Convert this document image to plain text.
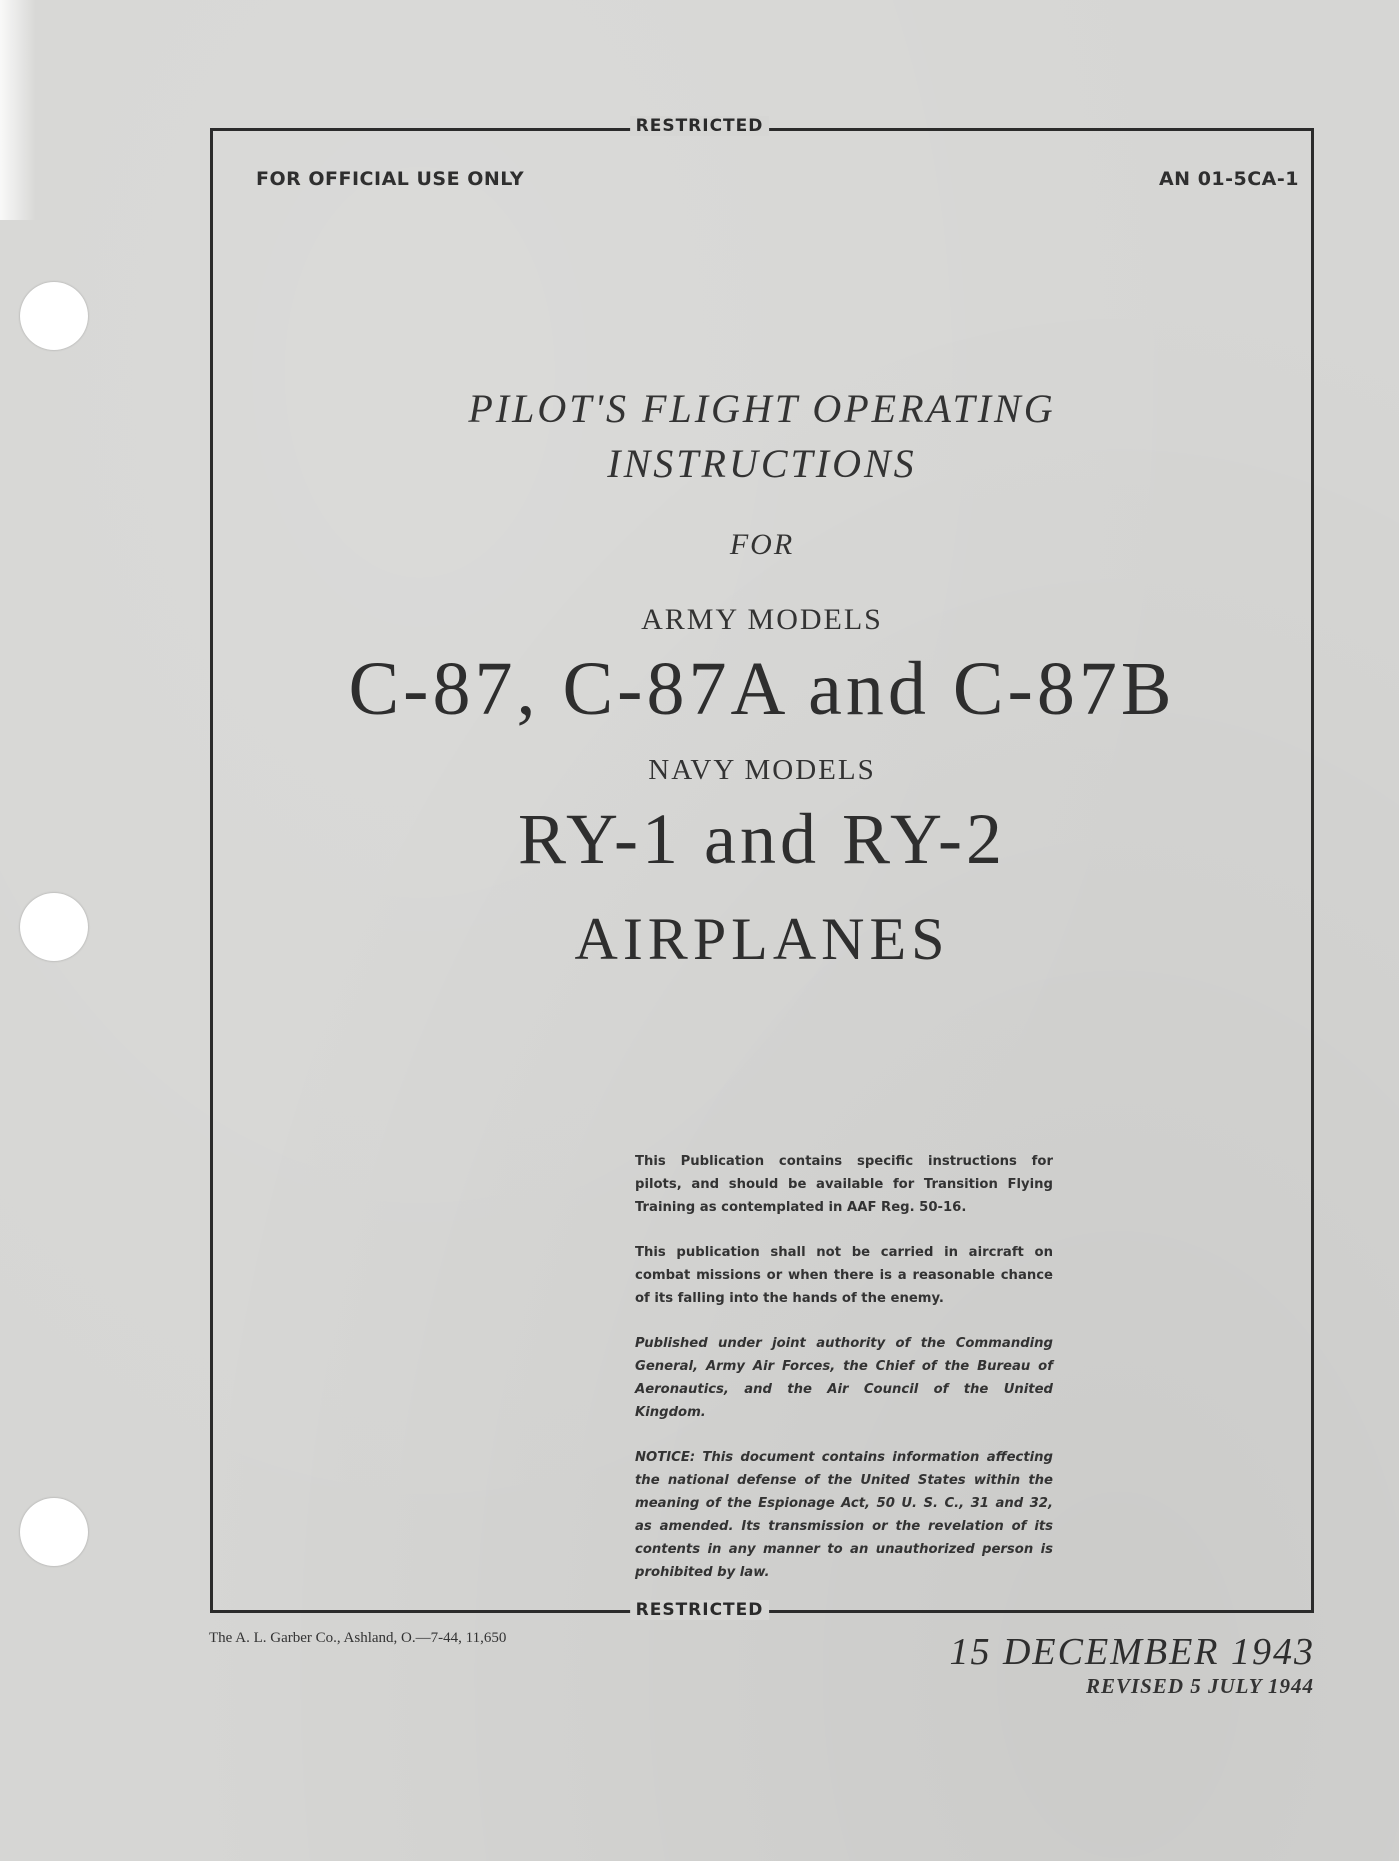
RESTRICTED
RESTRICTED
FOR OFFICIAL USE ONLY	AN 01-5CA-1
PILOT'S FLIGHT OPERATING
INSTRUCTIONS
FOR
ARMY MODELS
C-87, C-87A and C-87B
NAVY MODELS
RY-1 and RY-2
AIRPLANES

This Publication contains specific instructions for pilots, and should be available for Transition Flying Training as contemplated in AAF Reg. 50-16.

This publication shall not be carried in aircraft on combat missions or when there is a reasonable chance of its falling into the hands of the enemy.

Published under joint authority of the Commanding General, Army Air Forces, the Chief of the Bureau of Aeronautics, and the Air Council of the United Kingdom.

NOTICE: This document contains information affecting the national defense of the United States within the meaning of the Espionage Act, 50 U. S. C., 31 and 32, as amended. Its transmission or the revelation of its contents in any manner to an unauthorized person is prohibited by law.

The A. L. Garber Co., Ashland, O.—7-44, 11,650	15 DECEMBER 1943
REVISED 5 JULY 1944
